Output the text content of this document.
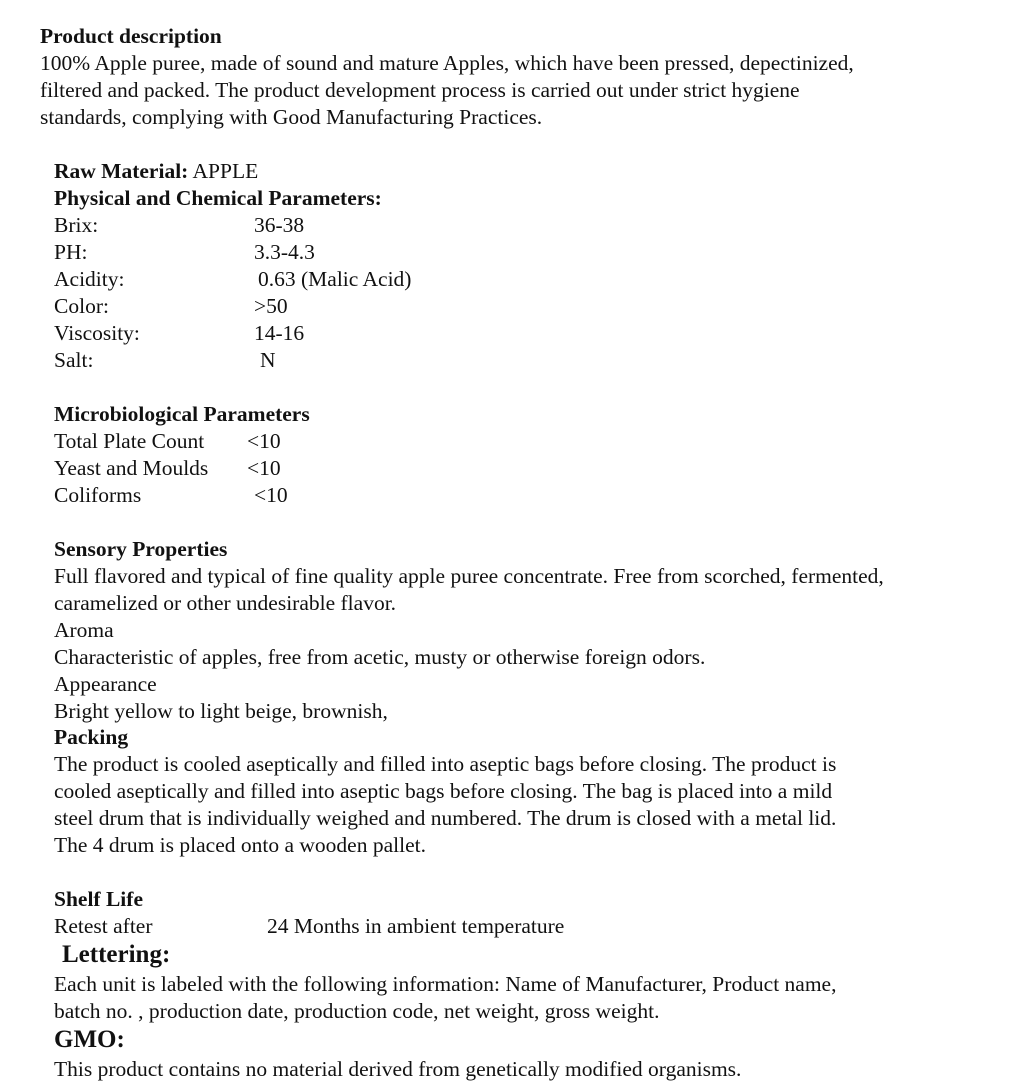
Product description
100% Apple puree, made of sound and mature Apples, which have been pressed, depectinized,
filtered and packed. The product development process is carried out under strict hygiene
standards, complying with Good Manufacturing Practices.
Raw Material: APPLE
Physical and Chemical Parameters:
Brix:	36-38
PH:	3.3-4.3
Acidity:	0.63 (Malic Acid)
Color:	>50
Viscosity:	14-16
Salt:	N
Microbiological Parameters
Total Plate Count <10
Yeast and Moulds <10
Coliforms	<10
Sensory Properties
Full flavored and typical of fine quality apple puree concentrate. Free from scorched, fermented,
caramelized or other undesirable flavor.
Aroma
Characteristic of apples, free from acetic, musty or otherwise foreign odors.
Appearance
Bright yellow to light beige, brownish,
Packing
The product is cooled aseptically and filled into aseptic bags before closing. The product is
cooled aseptically and filled into aseptic bags before closing. The bag is placed into a mild
steel drum that is individually weighed and numbered. The drum is closed with a metal lid.
The 4 drum is placed onto a wooden pallet.
Shelf Life
Retest after	24 Months in ambient temperature
Lettering:
Each unit is labeled with the following information: Name of Manufacturer, Product name,
batch no. , production date, production code, net weight, gross weight.
GMO:
This product contains no material derived from genetically modified organisms.
